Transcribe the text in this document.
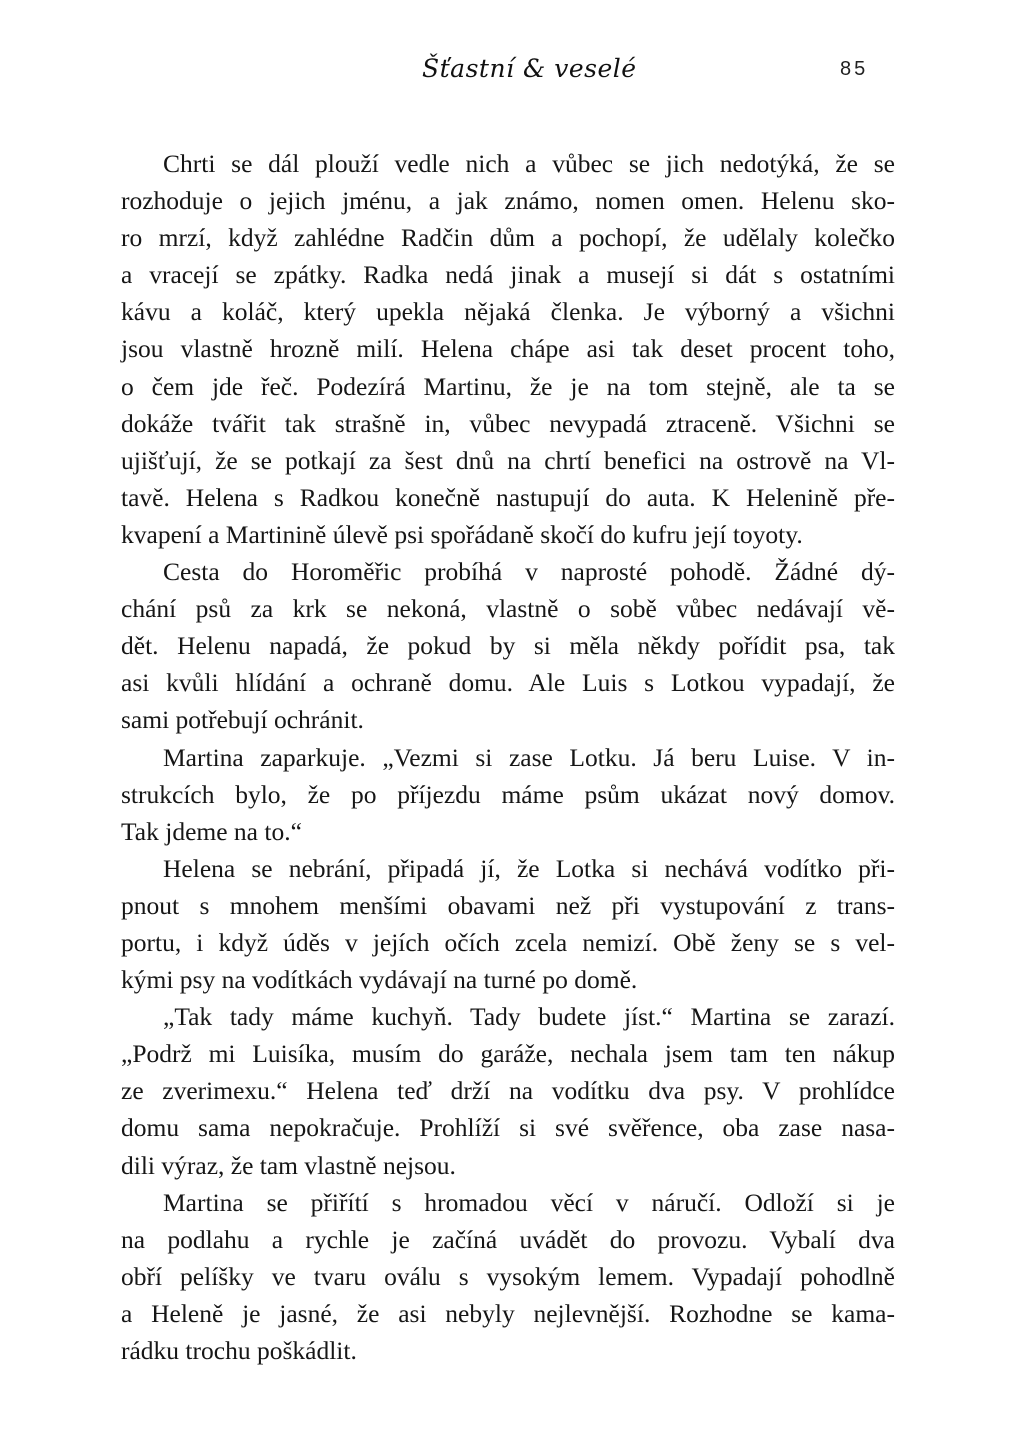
Šťastní & veselé	85
Chrti se dál plouží vedle nich a vůbec se jich nedotýká, že se
rozhoduje o jejich jménu, a jak známo, nomen omen. Helenu sko-
ro mrzí, když zahlédne Radčin dům a pochopí, že udělaly kolečko
a vracejí se zpátky. Radka nedá jinak a musejí si dát s ostatními
kávu a koláč, který upekla nějaká členka. Je výborný a všichni
jsou vlastně hrozně milí. Helena chápe asi tak deset procent toho,
o čem jde řeč. Podezírá Martinu, že je na tom stejně, ale ta se
dokáže tvářit tak strašně in, vůbec nevypadá ztraceně. Všichni se
ujišťují, že se potkají za šest dnů na chrtí benefici na ostrově na Vl-
tavě. Helena s Radkou konečně nastupují do auta. K Helenině pře-
kvapení a Martinině úlevě psi spořádaně skočí do kufru její toyoty.
Cesta do Horoměřic probíhá v naprosté pohodě. Žádné dý-
chání psů za krk se nekoná, vlastně o sobě vůbec nedávají vě-
dět. Helenu napadá, že pokud by si měla někdy pořídit psa, tak
asi kvůli hlídání a ochraně domu. Ale Luis s Lotkou vypadají, že
sami potřebují ochránit.
Martina zaparkuje. „Vezmi si zase Lotku. Já beru Luise. V in-
strukcích bylo, že po příjezdu máme psům ukázat nový domov.
Tak jdeme na to.“
Helena se nebrání, připadá jí, že Lotka si nechává vodítko při-
pnout s mnohem menšími obavami než při vystupování z trans-
portu, i když úděs v jejích očích zcela nemizí. Obě ženy se s vel-
kými psy na vodítkách vydávají na turné po domě.
„Tak tady máme kuchyň. Tady budete jíst.“ Martina se zarazí.
„Podrž mi Luisíka, musím do garáže, nechala jsem tam ten nákup
ze zverimexu.“ Helena teď drží na vodítku dva psy. V prohlídce
domu sama nepokračuje. Prohlíží si své svěřence, oba zase nasa-
dili výraz, že tam vlastně nejsou.
Martina se přiřítí s hromadou věcí v náručí. Odloží si je
na podlahu a rychle je začíná uvádět do provozu. Vybalí dva
obří pelíšky ve tvaru oválu s vysokým lemem. Vypadají pohodlně
a Heleně je jasné, že asi nebyly nejlevnější. Rozhodne se kama-
rádku trochu poškádlit.
